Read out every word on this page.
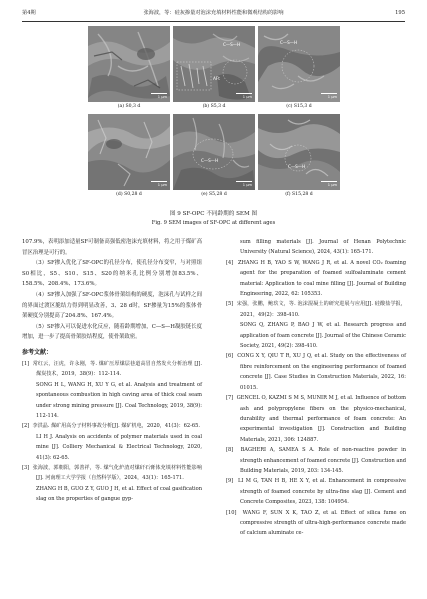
第4期	张海波，等：硅灰掺量对泡沫充填材料性能和微观结构的影响	195
1 μm
(a) S0,3 d
AFt
C—S—H
1 μm
(b) S5,3 d
C—S—H
1 μm
(c) S15,3 d
1 μm
(d) S0,28 d
C—S—H
1 μm
(e) S5,28 d
C—S—H
1 μm
(f) S15,28 d
图 9 SF-OPC 不同龄期的 SEM 图
Fig. 9 SEM images of SF-OPC at different ages

107.9%，表明添加适量SF可制备高强低密泡沫充填材料，将之用于煤矿高冒区治理是可行的。

（3）SF掺入优化了SF-OPC的孔径分布，使孔径分布变窄，与对照组S0相比，S5、S10、S15、S20的纳米孔比例分别增加83.5%、158.5%、208.4%、173.6%。

（4）SF掺入加强了SF-OPC浆体骨架结构的硬度，泡沫孔与试样之间的界面过渡区脆结力得到明显改善，3、28 d时，SF掺量为15%的浆体骨架硬度分别提高了204.8%、167.4%。

（5）SF掺入可以促进水化反应，随着龄期增加，C—S—H凝胶链长度增加，进一步了提高骨架胶结程度，使骨架致密。

参考文献：

[1] 常红云，汪虎，许永刚，等. 煤矿压厚煤层巷道高冒自然发火分析治理 [J]. 煤炭技术，2019，38(9)：112-114.

SONG H L, WANG H, XU Y G, et al. Analysis and treatment of spontaneous combustion in high caving area of thick coal seam under strong mining pressure [J]. Coal Technology, 2019, 38(9): 112-114.

[2] 李洪晶. 煤矿用高分子材料事故分析[J]. 煤矿机电，2020，41(3)：62-65.

LI H J. Analysis on accidents of polymer materials used in coal mine [J]. Colliery Mechanical & Electrical Technology, 2020, 41(3): 62-65.

[3] 张海波，郭朝阳，郭善祥，等. 煤气化炉渣对煤矸石膏体充填材料性能影响[J]. 河南理工大学学报（自然科学版），2024，43(1)：165-171.

ZHANG H B, GUO Z Y, GUO J H, et al. Effect of coal gasification slag on the properties of gangue gyp-

sum filling materials [J]. Journal of Henan Polytechnic University (Natural Science), 2024, 43(1): 165-171.

[4] ZHANG H B, YAO S W, WANG J R, et al. A novel CO₂ foaming agent for the preparation of foamed sulfoaluminate cement material: Application to coal mine filling [J]. Journal of Building Engineering, 2022, 62: 105353.

[5] 宋强，张鹏，鲍玖文，等. 泡沫混凝土的研究进展与应用[J]. 硅酸盐学报，2021，49(2)：398-410.

SONG Q, ZHANG P, BAO J W, et al. Research progress and application of foam concrete [J]. Journal of the Chinese Ceramic Society, 2021, 49(2): 398-410.

[6] CONG X Y, QIU T R, XU J Q, et al. Study on the effectiveness of fibre reinforcement on the engineering performance of foamed concrete [J]. Case Studies in Construction Materials, 2022, 16: 01015.

[7] GENCEL O, KAZMI S M S, MUNIR M J, et al. Influence of bottom ash and polypropylene fibers on the physico-mechanical, durability and thermal performance of foam concrete: An experimental investigation [J]. Construction and Building Materials, 2021, 306: 124887.

[8] BAGHERI A, SAMEA S A. Role of non-reactive powder in strength enhancement of foamed concrete [J]. Construction and Building Materials, 2019, 203: 134-145.

[9] LI M G, TAN H B, HE X Y, et al. Enhancement in compressive strength of foamed concrete by ultra-fine slag [J]. Cement and Concrete Composites, 2023, 138: 104954.

[10] WANG F, SUN X K, TAO Z, et al. Effect of silica fume on compressive strength of ultra-high-performance concrete made of calcium aluminate ce-
